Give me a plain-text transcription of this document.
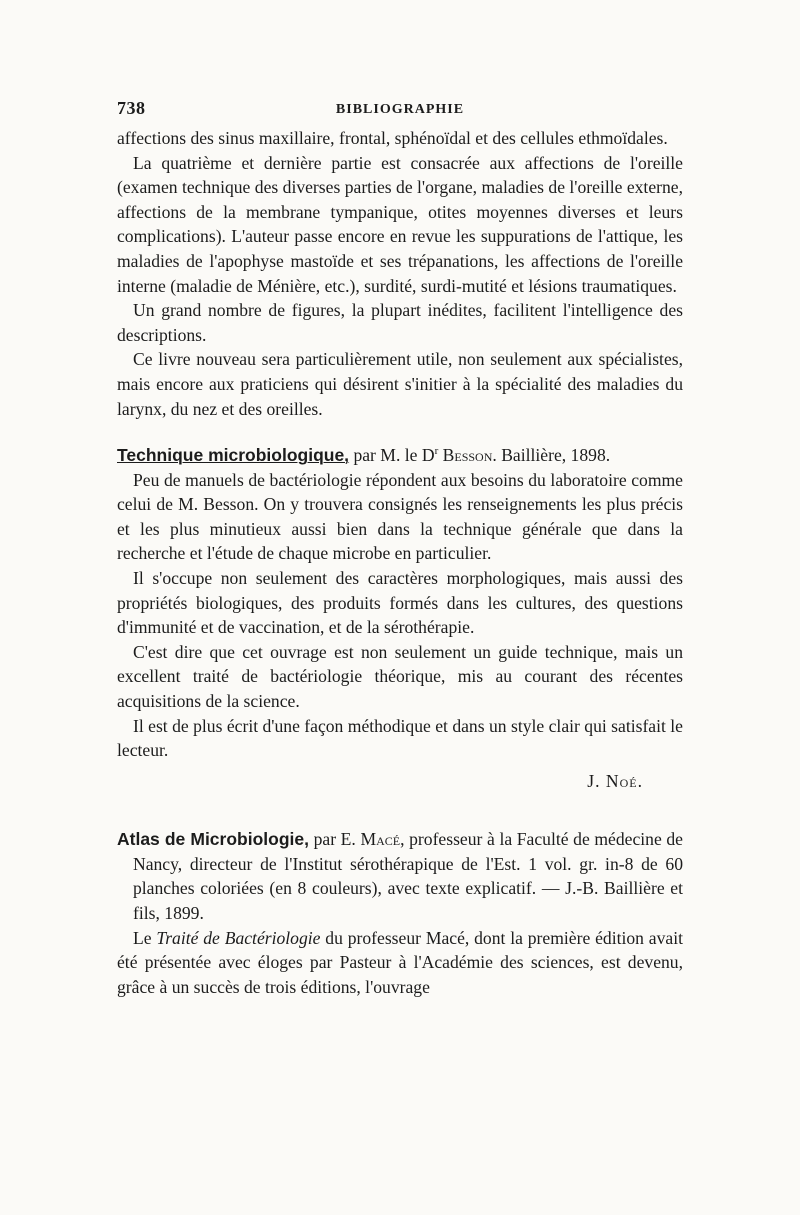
738	BIBLIOGRAPHIE

affections des sinus maxillaire, frontal, sphénoïdal et des cellules ethmoïdales.

La quatrième et dernière partie est consacrée aux affections de l'oreille (examen technique des diverses parties de l'organe, maladies de l'oreille externe, affections de la membrane tympanique, otites moyennes diverses et leurs complications). L'auteur passe encore en revue les suppurations de l'attique, les maladies de l'apophyse mastoïde et ses trépanations, les affections de l'oreille interne (maladie de Ménière, etc.), surdité, surdi-mutité et lésions traumatiques.

Un grand nombre de figures, la plupart inédites, facilitent l'intelligence des descriptions.

Ce livre nouveau sera particulièrement utile, non seulement aux spécialistes, mais encore aux praticiens qui désirent s'initier à la spécialité des maladies du larynx, du nez et des oreilles.

Technique microbiologique, par M. le $D^r$ Besson. Baillière, 1898.

Peu de manuels de bactériologie répondent aux besoins du laboratoire comme celui de M. Besson. On y trouvera consignés les renseignements les plus précis et les plus minutieux aussi bien dans la technique générale que dans la recherche et l'étude de chaque microbe en particulier.

Il s'occupe non seulement des caractères morphologiques, mais aussi des propriétés biologiques, des produits formés dans les cultures, des questions d'immunité et de vaccination, et de la sérothérapie.

C'est dire que cet ouvrage est non seulement un guide technique, mais un excellent traité de bactériologie théorique, mis au courant des récentes acquisitions de la science.

Il est de plus écrit d'une façon méthodique et dans un style clair qui satisfait le lecteur.

J. Noé.

Atlas de Microbiologie, par E. Macé, professeur à la Faculté de médecine de Nancy, directeur de l'Institut sérothérapique de l'Est. 1 vol. gr. in-8 de 60 planches coloriées (en 8 couleurs), avec texte explicatif. — J.-B. Baillière et fils, 1899.

Le Traité de Bactériologie du professeur Macé, dont la première édition avait été présentée avec éloges par Pasteur à l'Académie des sciences, est devenu, grâce à un succès de trois éditions, l'ouvrage
